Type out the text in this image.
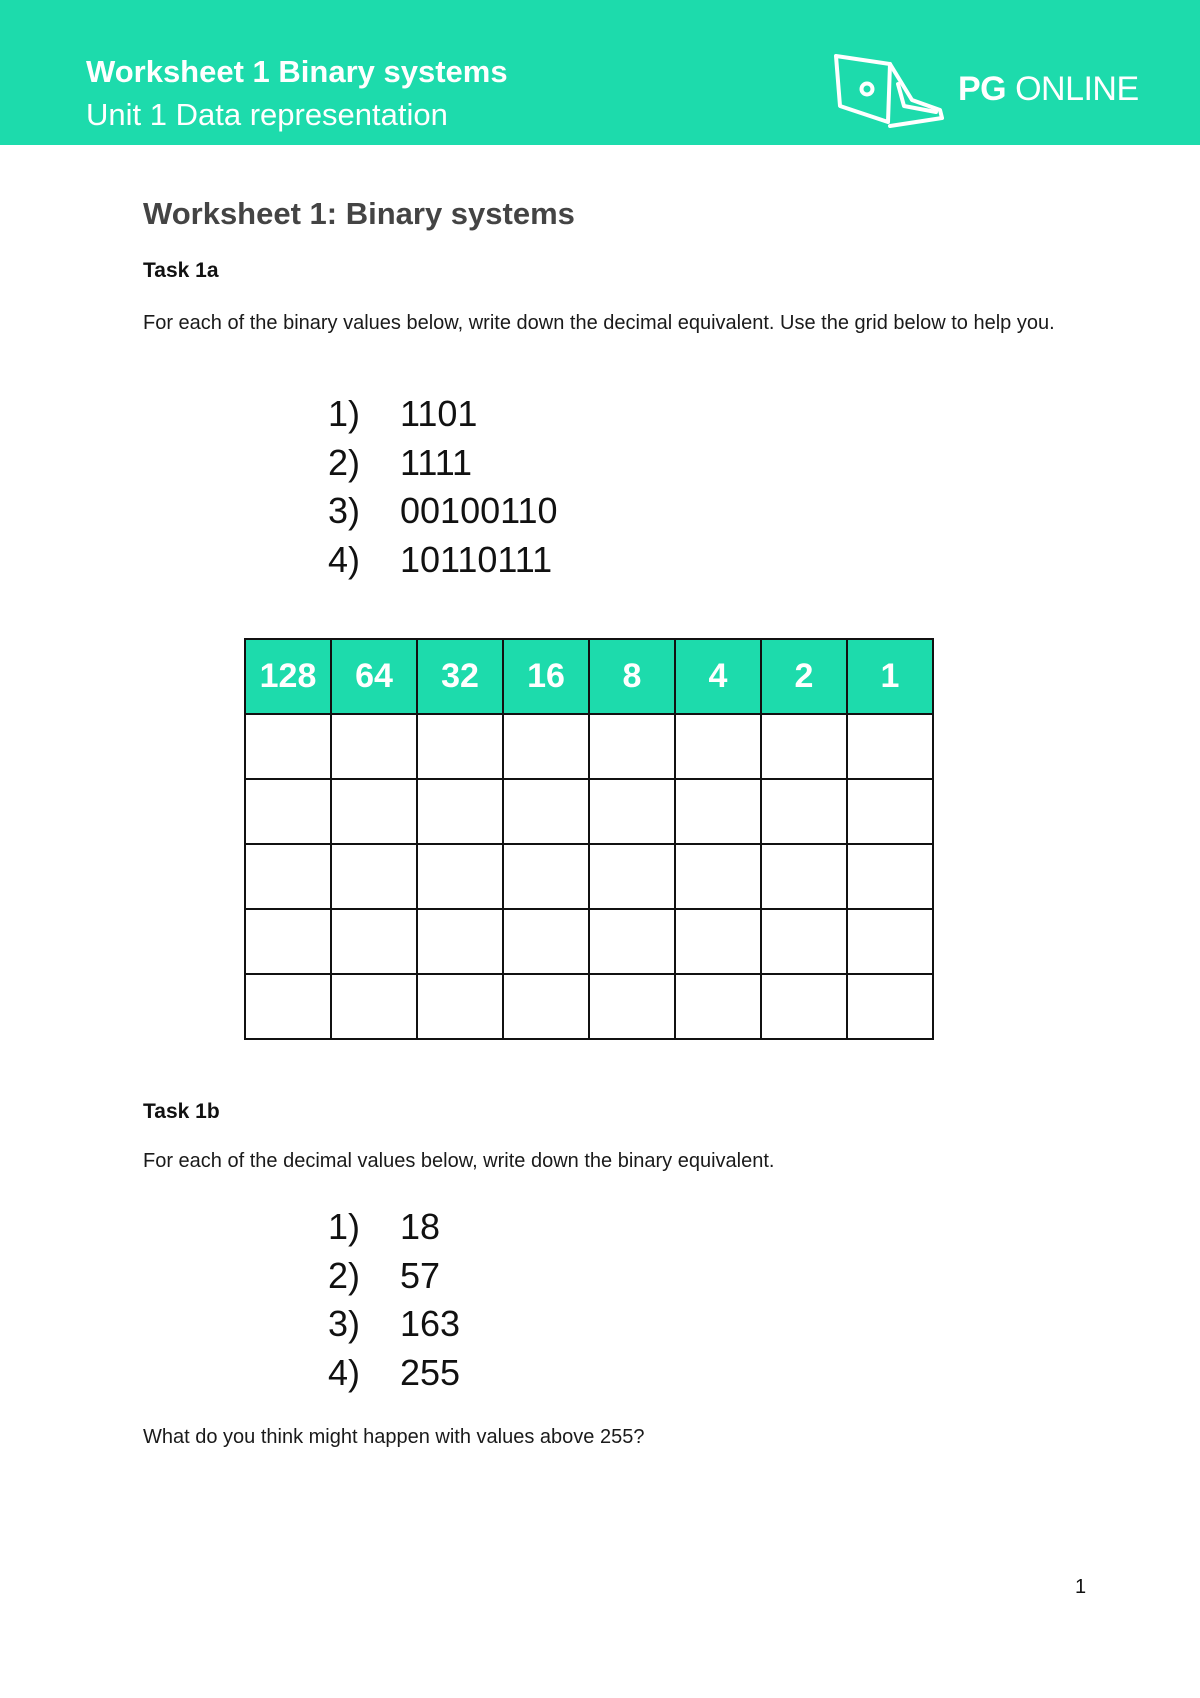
Worksheet 1 Binary systems
Unit 1 Data representation
PG ONLINE
Worksheet 1: Binary systems
Task 1a
For each of the binary values below, write down the decimal equivalent. Use the grid below to help you.
1) 1101
2) 1111
3) 00100110
4) 10110111
128	64	32	16	8	4	2	1

Task 1b
For each of the decimal values below, write down the binary equivalent.
1) 18
2) 57
3) 163
4) 255
What do you think might happen with values above 255?
1
